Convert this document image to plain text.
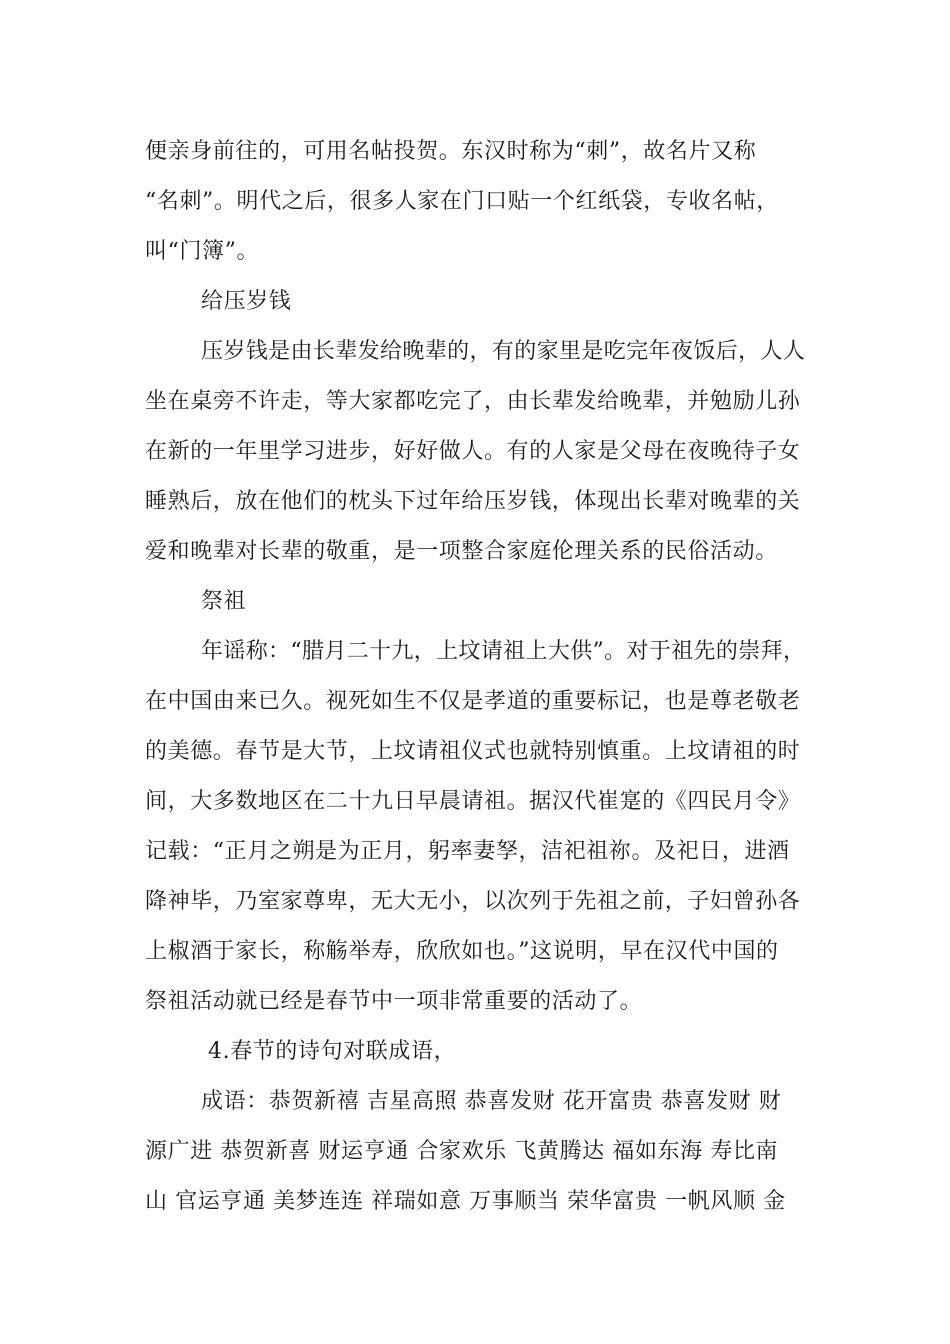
便亲身前往的，可用名帖投贺。东汉时称为“刺”，故名片又称
“名刺”。明代之后，很多人家在门口贴一个红纸袋，专收名帖，
叫“门簿”。
给压岁钱
压岁钱是由长辈发给晚辈的，有的家里是吃完年夜饭后，人人
坐在桌旁不许走，等大家都吃完了，由长辈发给晚辈，并勉励儿孙
在新的一年里学习进步，好好做人。有的人家是父母在夜晚待子女
睡熟后，放在他们的枕头下过年给压岁钱，体现出长辈对晚辈的关
爱和晚辈对长辈的敬重，是一项整合家庭伦理关系的民俗活动。
祭祖
年谣称：“腊月二十九，上坟请祖上大供”。对于祖先的崇拜，
在中国由来已久。视死如生不仅是孝道的重要标记，也是尊老敬老
的美德。春节是大节，上坟请祖仪式也就特别慎重。上坟请祖的时
间，大多数地区在二十九日早晨请祖。据汉代崔寔的《四民月令》
记载：“正月之朔是为正月，躬率妻孥，洁祀祖祢。及祀日，进酒
降神毕，乃室家尊卑，无大无小，以次列于先祖之前，子妇曾孙各
上椒酒于家长，称觞举寿，欣欣如也。”这说明，早在汉代中国的
祭祖活动就已经是春节中一项非常重要的活动了。
4.春节的诗句对联成语，
成语：恭贺新禧 吉星高照 恭喜发财 花开富贵 恭喜发财 财
源广进 恭贺新喜 财运亨通 合家欢乐 飞黄腾达 福如东海 寿比南
山 官运亨通 美梦连连 祥瑞如意 万事顺当 荣华富贵 一帆风顺 金
